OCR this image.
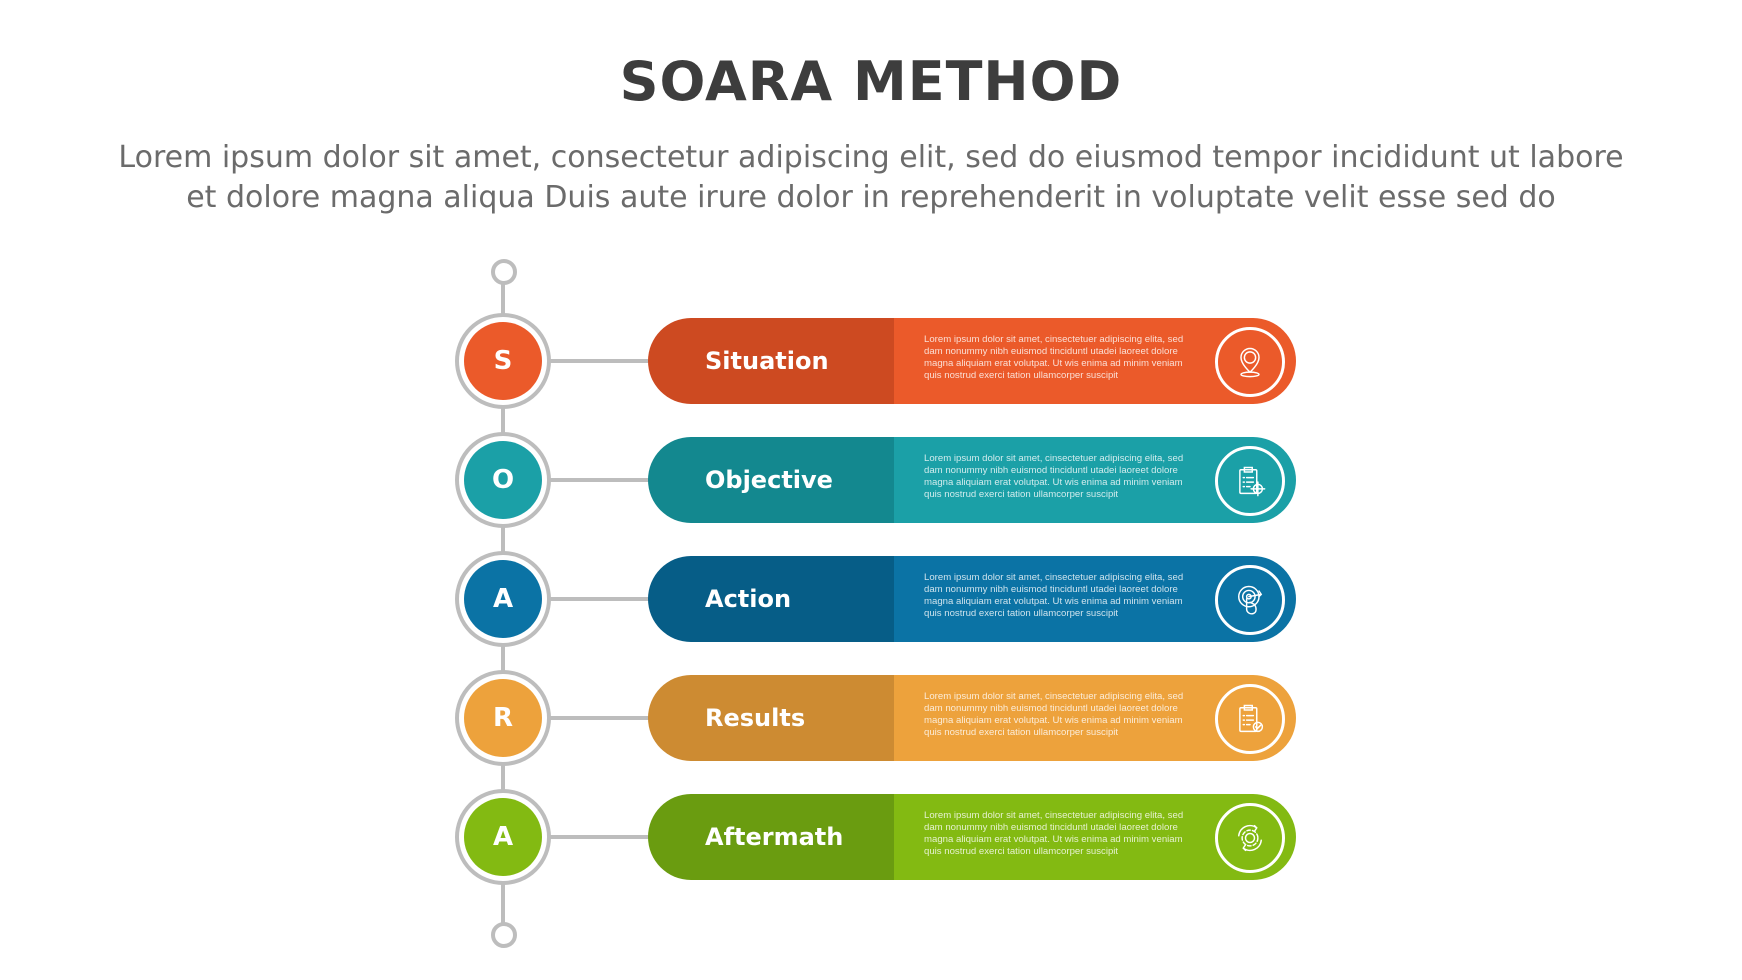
SOARA METHOD
Lorem ipsum dolor sit amet, consectetur adipiscing elit, sed do eiusmod tempor incididunt ut labore
et dolore magna aliqua Duis aute irure dolor in reprehenderit in voluptate velit esse sed do
S	Situation
Lorem ipsum dolor sit amet, cinsectetuer adipiscing elita, sed dam nonummy nibh euismod tinciduntl utadei laoreet dolore magna aliquiam erat volutpat. Ut wis enima ad minim veniam quis nostrud exerci tation ullamcorper suscipit
O	Objective
Lorem ipsum dolor sit amet, cinsectetuer adipiscing elita, sed dam nonummy nibh euismod tinciduntl utadei laoreet dolore magna aliquiam erat volutpat. Ut wis enima ad minim veniam quis nostrud exerci tation ullamcorper suscipit
A	Action
Lorem ipsum dolor sit amet, cinsectetuer adipiscing elita, sed dam nonummy nibh euismod tinciduntl utadei laoreet dolore magna aliquiam erat volutpat. Ut wis enima ad minim veniam quis nostrud exerci tation ullamcorper suscipit
R	Results
Lorem ipsum dolor sit amet, cinsectetuer adipiscing elita, sed dam nonummy nibh euismod tinciduntl utadei laoreet dolore magna aliquiam erat volutpat. Ut wis enima ad minim veniam quis nostrud exerci tation ullamcorper suscipit
A	Aftermath
Lorem ipsum dolor sit amet, cinsectetuer adipiscing elita, sed dam nonummy nibh euismod tinciduntl utadei laoreet dolore magna aliquiam erat volutpat. Ut wis enima ad minim veniam quis nostrud exerci tation ullamcorper suscipit
